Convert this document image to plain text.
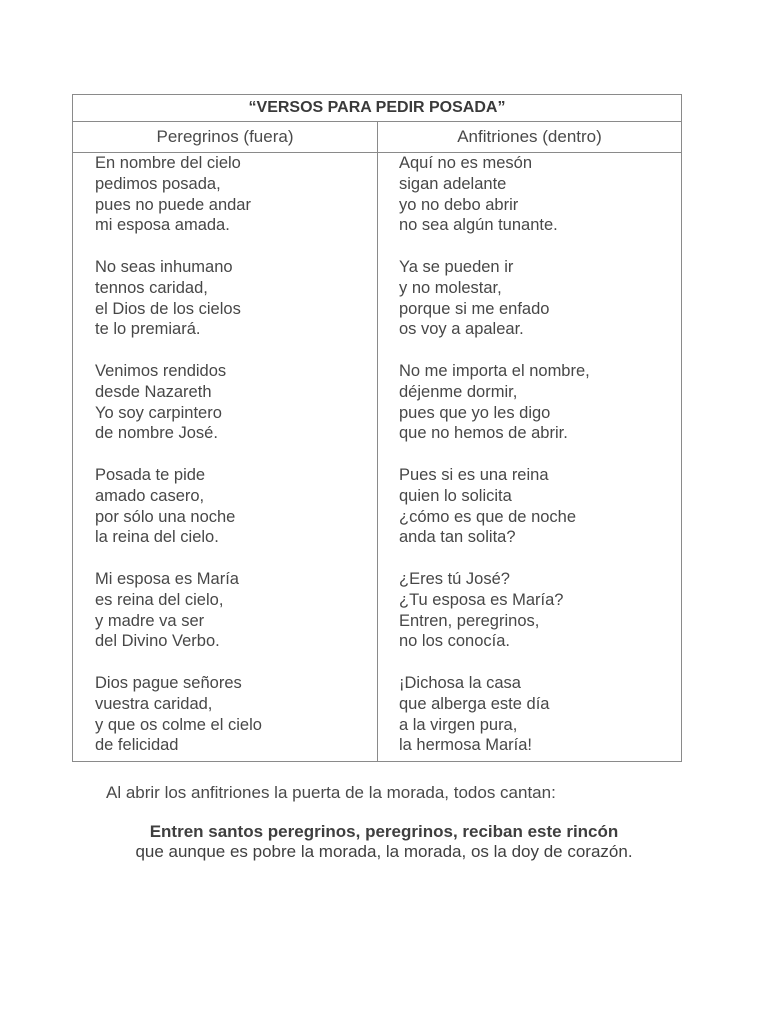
“VERSOS PARA PEDIR POSADA”
Peregrinos (fuera)	Anfitriones (dentro)
En nombre del cielo
pedimos posada,
pues no puede andar
mi esposa amada.
No seas inhumano
tennos caridad,
el Dios de los cielos
te lo premiará.
Venimos rendidos
desde Nazareth
Yo soy carpintero
de nombre José.
Posada te pide
amado casero,
por sólo una noche
la reina del cielo.
Mi esposa es María
es reina del cielo,
y madre va ser
del Divino Verbo.
Dios pague señores
vuestra caridad,
y que os colme el cielo
de felicidad
Aquí no es mesón
sigan adelante
yo no debo abrir
no sea algún tunante.
Ya se pueden ir
y no molestar,
porque si me enfado
os voy a apalear.
No me importa el nombre,
déjenme dormir,
pues que yo les digo
que no hemos de abrir.
Pues si es una reina
quien lo solicita
¿cómo es que de noche
anda tan solita?
¿Eres tú José?
¿Tu esposa es María?
Entren, peregrinos,
no los conocía.
¡Dichosa la casa
que alberga este día
a la virgen pura,
la hermosa María!
Al abrir los anfitriones la puerta de la morada, todos cantan:
Entren santos peregrinos, peregrinos, reciban este rincón
que aunque es pobre la morada, la morada, os la doy de corazón.
